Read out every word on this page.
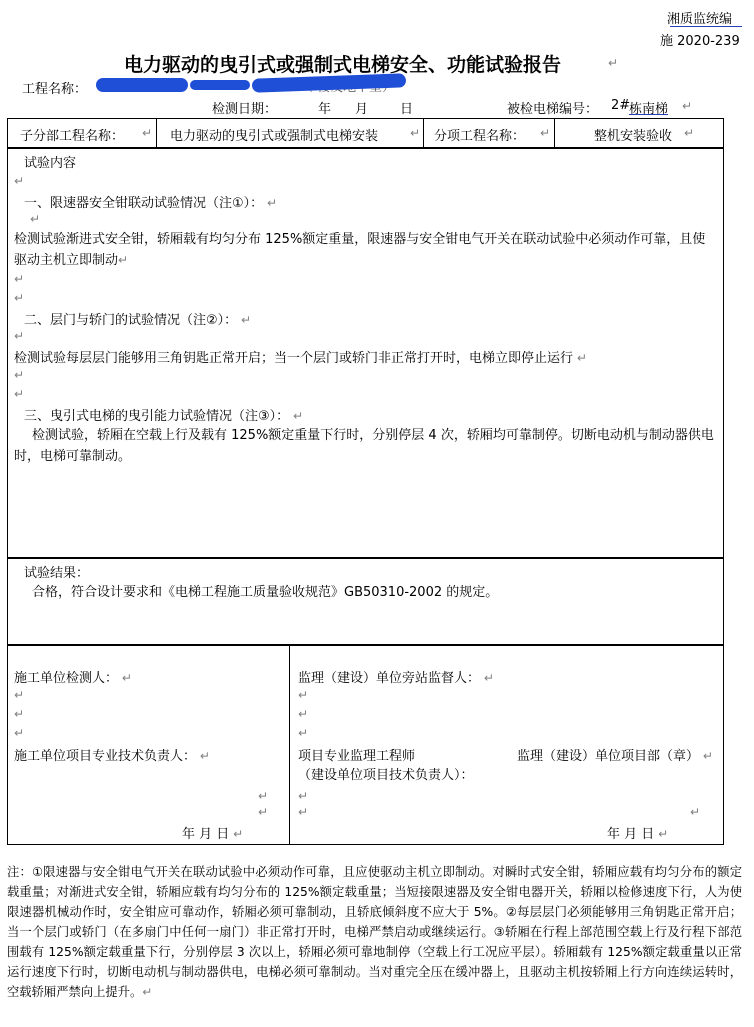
湘质监统编
施 2020-239
电力驱动的曳引式或强制式电梯安全、功能试验报告	↵
工程名称：
检测日期：	年 月 日	被检电梯编号： 2#
栋南梯 ↵
子分部工程名称： ↵ 电力驱动的曳引式或强制式电梯安装	↵ 分项工程名称： ↵	整机安装验收 ↵
试验内容
↵
一、限速器安全钳联动试验情况（注①）： ↵
↵
检测试验渐进式安全钳，轿厢载有均匀分布 125%额定重量，限速器与安全钳电气开关在联动试验中必须动作可靠，且使驱动主机立即制动↵
↵
↵
二、层门与轿门的试验情况（注②）： ↵
↵
检测试验每层层门能够用三角钥匙正常开启；当一个层门或轿门非正常打开时，电梯立即停止运行 ↵
↵
↵
三、曳引式电梯的曳引能力试验情况（注③）： ↵
检测试验，轿厢在空载上行及载有 125%额定重量下行时，分别停层 4 次，轿厢均可靠制停。切断电动机与制动器供电时，电梯可靠制动。
试验结果：
合格，符合设计要求和《电梯工程施工质量验收规范》GB50310-2002 的规定。
施工单位检测人： ↵
↵
↵
↵
施工单位项目专业技术负责人： ↵
↵
↵
年 月 日 ↵
监理（建设）单位旁站监督人： ↵
↵
↵
↵
项目专业监理工程师
（建设单位项目技术负责人）：
监理（建设）单位项目部（章） ↵
↵
↵	↵
年 月 日 ↵
注：①限速器与安全钳电气开关在联动试验中必须动作可靠，且应使驱动主机立即制动。对瞬时式安全钳，轿厢应载有均匀分布的额定载重量；对渐进式安全钳，轿厢应载有均匀分布的 125%额定载重量；当短接限速器及安全钳电器开关，轿厢以检修速度下行，人为使限速器机械动作时，安全钳应可靠动作，轿厢必须可靠制动，且轿底倾斜度不应大于 5%。②每层层门必须能够用三角钥匙正常开启；当一个层门或轿门（在多扇门中任何一扇门）非正常打开时，电梯严禁启动或继续运行。③轿厢在行程上部范围空载上行及行程下部范围载有 125%额定载重量下行，分别停层 3 次以上，轿厢必须可靠地制停（空载上行工况应平层）。轿厢载有 125%额定载重量以正常运行速度下行时，切断电动机与制动器供电，电梯必须可靠制动。当对重完全压在缓冲器上，且驱动主机按轿厢上行方向连续运转时，空载轿厢严禁向上提升。↵
